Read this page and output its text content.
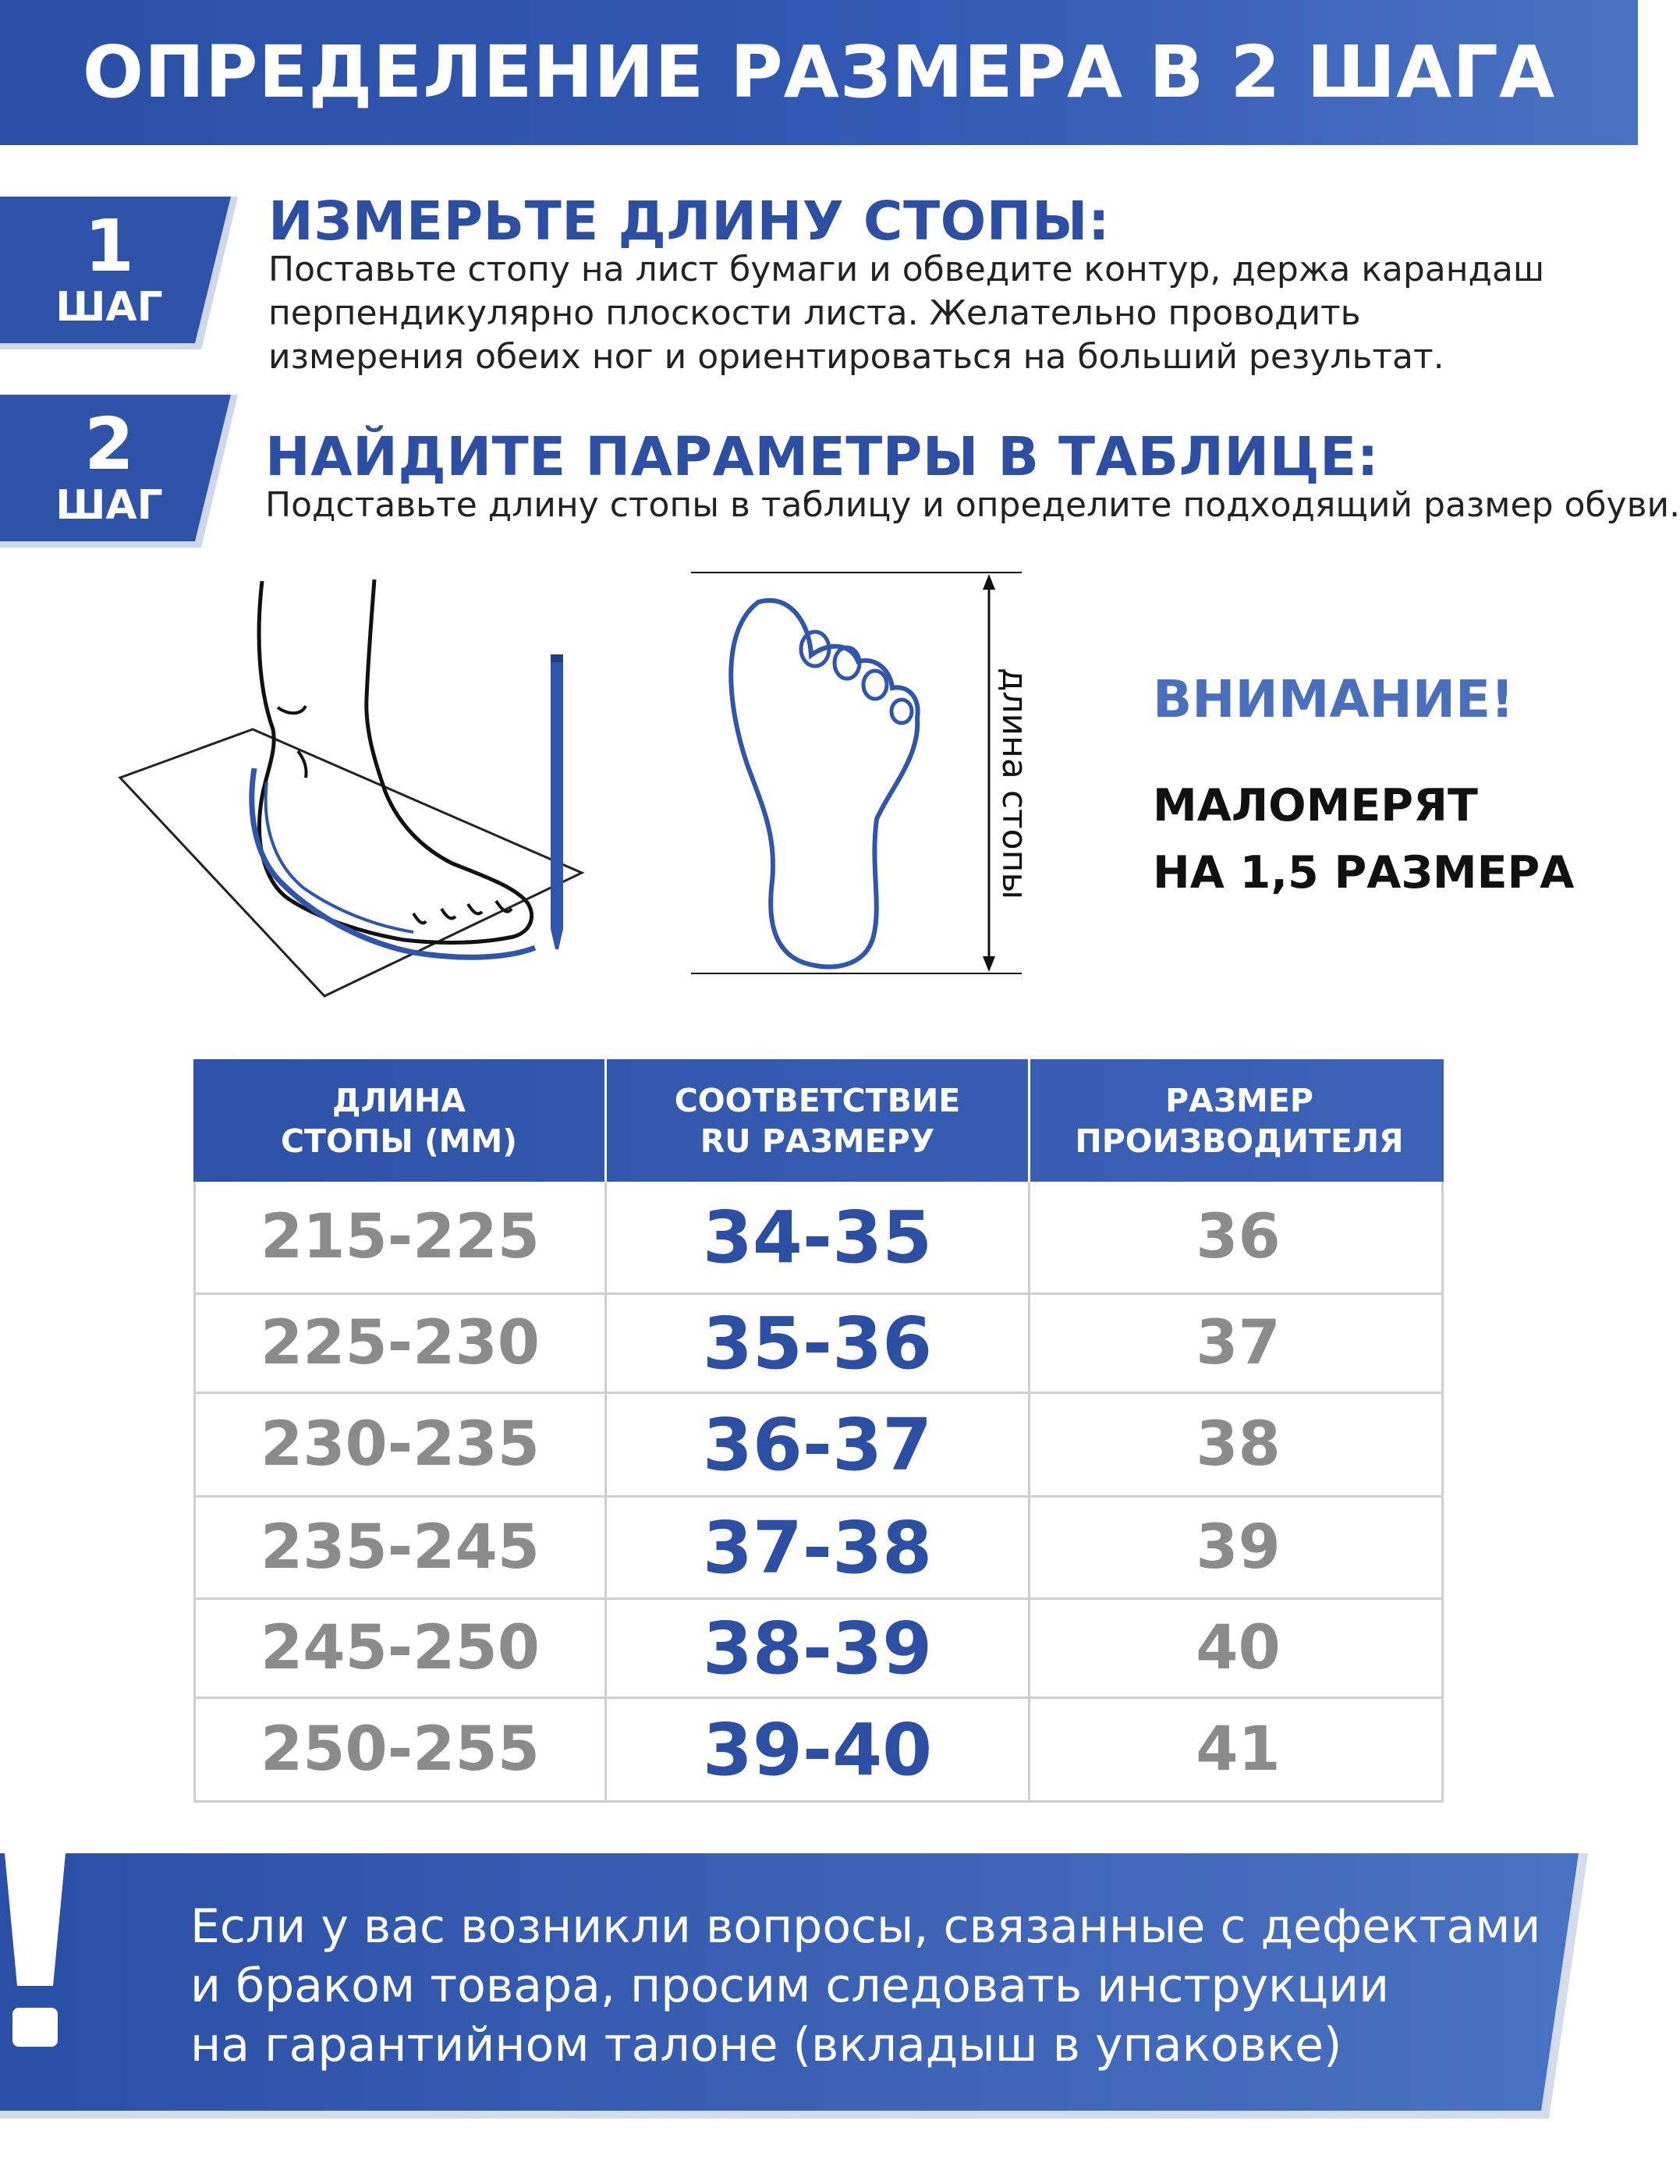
ОПРЕДЕЛЕНИЕ РАЗМЕРА В 2 ШАГА
1
ШАГ
ИЗМЕРЬТЕ ДЛИНУ СТОПЫ:
Поставьте стопу на лист бумаги и обведите контур, держа карандаш
перпендикулярно плоскости листа. Желательно проводить
измерения обеих ног и ориентироваться на больший результат.
2
ШАГ
НАЙДИТЕ ПАРАМЕТРЫ В ТАБЛИЦЕ:
Подставьте длину стопы в таблицу и определите подходящий размер обуви.
длина стопы ВНИМАНИЕ!
МАЛОМЕРЯТ
НА 1,5 РАЗМЕРА
ДЛИНА
СТОПЫ (ММ)
СООТВЕТСТВИЕ
RU РАЗМЕРУ
РАЗМЕР
ПРОИЗВОДИТЕЛЯ
215-225	34-35	36
225-230	35-36	37
230-235	36-37	38
235-245	37-38	39
245-250	38-39	40
250-255	39-40	41
Если у вас возникли вопросы, связанные с дефектами
и браком товара, просим следовать инструкции
на гарантийном талоне (вкладыш в упаковке)
